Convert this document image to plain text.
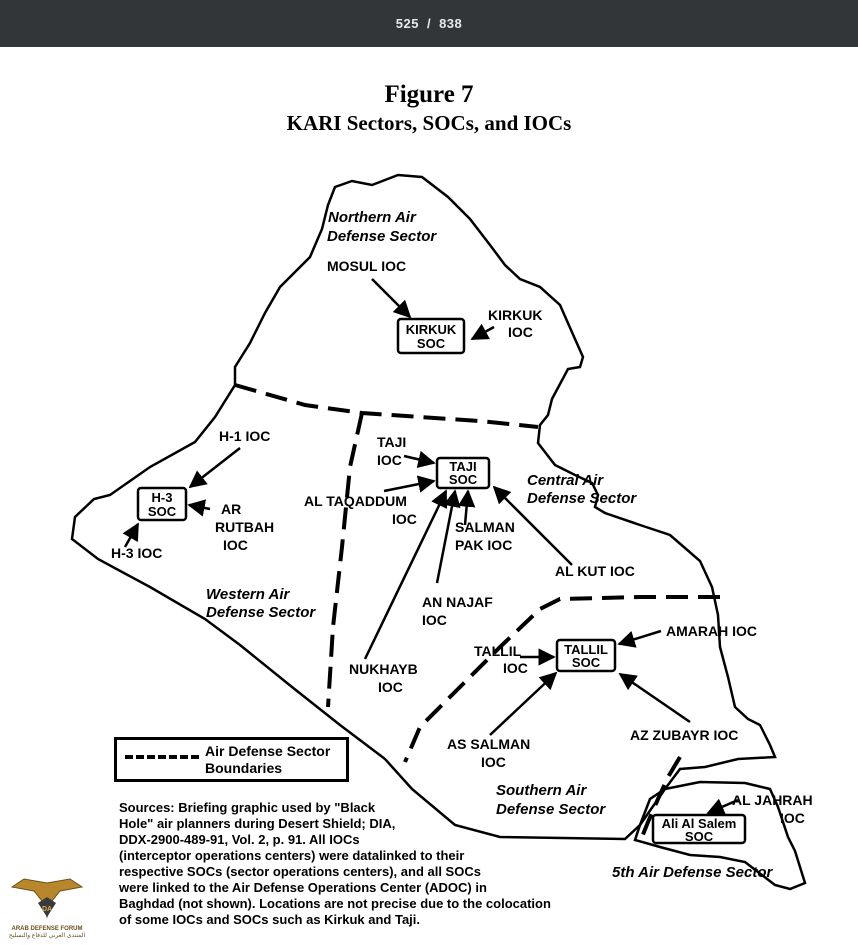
525 / 838
Figure 7
KARI Sectors, SOCs, and IOCs
Northern Air
Defense Sector
Central Air
Defense Sector
Western Air
Defense Sector
Southern Air
Defense Sector
5th Air Defense Sector
KIRKUK
SOC
TAJI
SOC
H-3
SOC
TALLIL
SOC
Ali Al Salem
SOC
MOSUL IOC
KIRKUK
IOC
H-1 IOC	TAJI
IOC
AR
RUTBAH
IOC
H-3 IOC
AL TAQADDUM
IOC	SALMAN
PAK IOC
AL KUT IOC
AN NAJAF
IOC
NUKHAYB
IOC
TALLIL
IOC
AMARAH IOC
AZ ZUBAYR IOC
AS SALMAN
IOC
AL JAHRAH
IOC
Air Defense Sector
Boundaries
Sources: Briefing graphic used by "Black
Hole" air planners during Desert Shield; DIA,
DDX-2900-489-91, Vol. 2, p. 91. All IOCs
(interceptor operations centers) were datalinked to their
respective SOCs (sector operations centers), and all SOCs
were linked to the Air Defense Operations Center (ADOC) in
Baghdad (not shown). Locations are not precise due to the colocation
of some IOCs and SOCs such as Kirkuk and Taji.
DA
ARAB DEFENSE FORUM
المنتدى العربي للدفاع والتسليح
